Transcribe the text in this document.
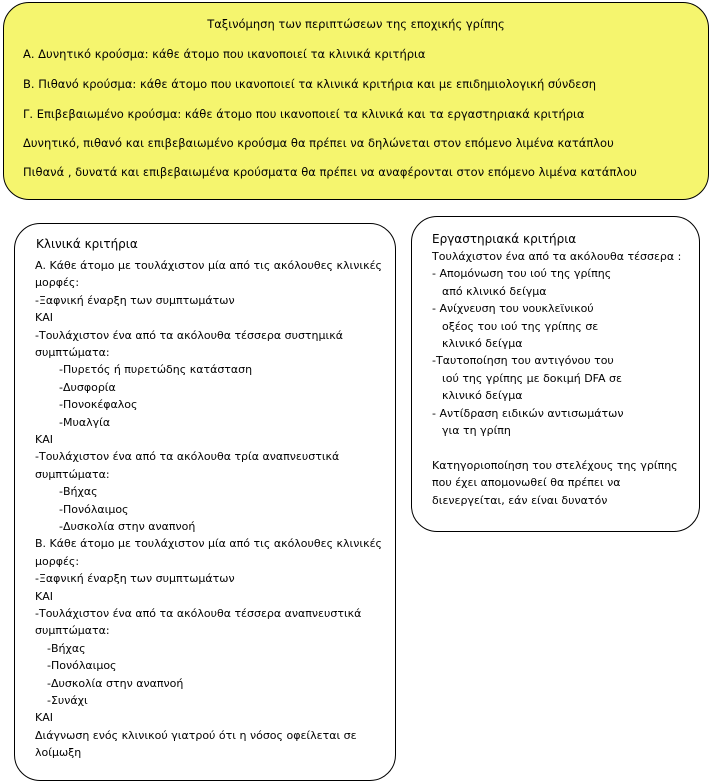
Ταξινόμηση των περιπτώσεων της εποχικής γρίπης
Α. Δυνητικό κρούσμα: κάθε άτομο που ικανοποιεί τα κλινικά κριτήρια
Β. Πιθανό κρούσμα: κάθε άτομο που ικανοποιεί τα κλινικά κριτήρια και με επιδημιολογική σύνδεση
Γ. Επιβεβαιωμένο κρούσμα: κάθε άτομο που ικανοποιεί τα κλινικά και τα εργαστηριακά κριτήρια
Δυνητικό, πιθανό και επιβεβαιωμένο κρούσμα θα πρέπει να δηλώνεται στον επόμενο λιμένα κατάπλου
Πιθανά , δυνατά και επιβεβαιωμένα κρούσματα θα πρέπει να αναφέρονται στον επόμενο λιμένα κατάπλου
Κλινικά κριτήρια
Α. Κάθε άτομο με τουλάχιστον μία από τις ακόλουθες κλινικές
μορφές:
-Ξαφνική έναρξη των συμπτωμάτων
ΚΑΙ
-Τουλάχιστον ένα από τα ακόλουθα τέσσερα συστημικά
συμπτώματα:
-Πυρετός ή πυρετώδης κατάσταση
-Δυσφορία
-Πονοκέφαλος
-Μυαλγία
ΚΑΙ
-Τουλάχιστον ένα από τα ακόλουθα τρία αναπνευστικά
συμπτώματα:
-Βήχας
-Πονόλαιμος
-Δυσκολία στην αναπνοή
Β. Κάθε άτομο με τουλάχιστον μία από τις ακόλουθες κλινικές
μορφές:
-Ξαφνική έναρξη των συμπτωμάτων
ΚΑΙ
-Τουλάχιστον ένα από τα ακόλουθα τέσσερα αναπνευστικά
συμπτώματα:
-Βήχας
-Πονόλαιμος
-Δυσκολία στην αναπνοή
-Συνάχι
ΚΑΙ
Διάγνωση ενός κλινικού γιατρού ότι η νόσος οφείλεται σε
λοίμωξη
Εργαστηριακά κριτήρια
Τουλάχιστον ένα από τα ακόλουθα τέσσερα :
- Απομόνωση του ιού της γρίπης
από κλινικό δείγμα
- Ανίχνευση του νουκλεϊνικού
οξέος του ιού της γρίπης σε
κλινικό δείγμα
-Ταυτοποίηση του αντιγόνου του
ιού της γρίπης με δοκιμή DFA σε
κλινικό δείγμα
- Αντίδραση ειδικών αντισωμάτων
για τη γρίπη
Κατηγοριοποίηση του στελέχους της γρίπης
που έχει απομονωθεί θα πρέπει να
διενεργείται, εάν είναι δυνατόν
